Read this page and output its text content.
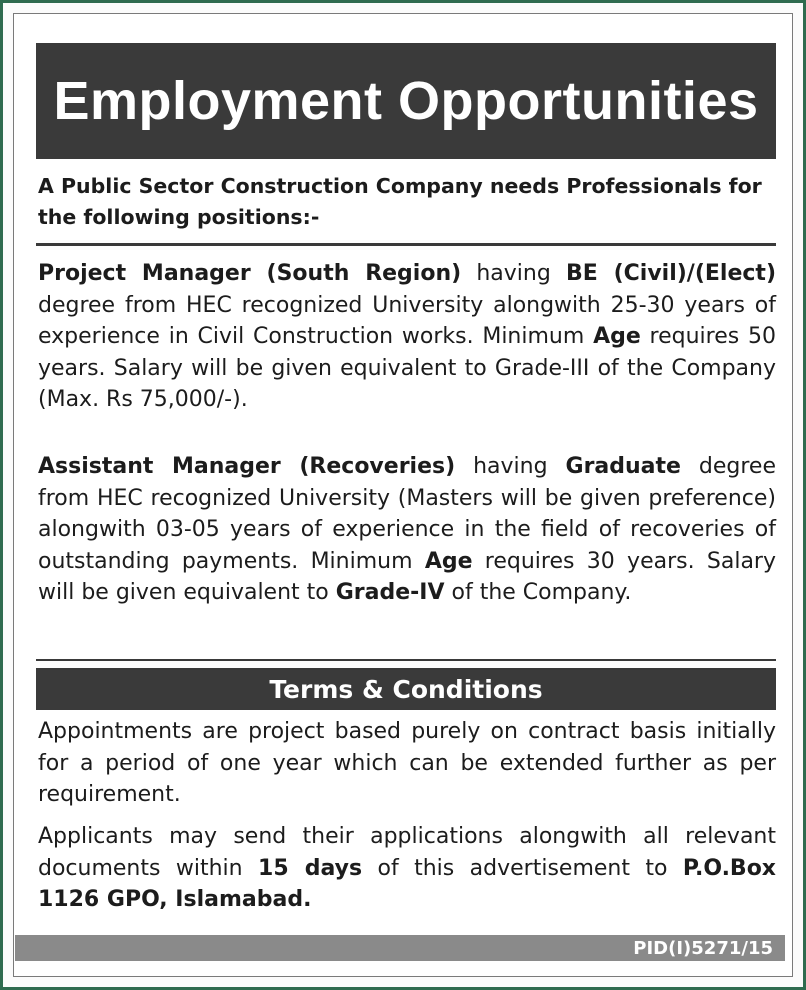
Employment Opportunities
A Public Sector Construction Company needs Professionals for the following positions:-
Project Manager (South Region) having BE (Civil)/(Elect) degree from HEC recognized University alongwith 25-30 years of experience in Civil Construction works. Minimum Age requires 50 years. Salary will be given equivalent to Grade-III of the Company (Max. Rs 75,000/-).
Assistant Manager (Recoveries) having Graduate degree from HEC recognized University (Masters will be given preference) alongwith 03-05 years of experience in the field of recoveries of outstanding payments. Minimum Age requires 30 years. Salary will be given equivalent to Grade-IV of the Company.
Terms & Conditions
Appointments are project based purely on contract basis initially for a period of one year which can be extended further as per requirement.
Applicants may send their applications alongwith all relevant documents within 15 days of this advertisement to P.O.Box 1126 GPO, Islamabad.
PID(I)5271/15
